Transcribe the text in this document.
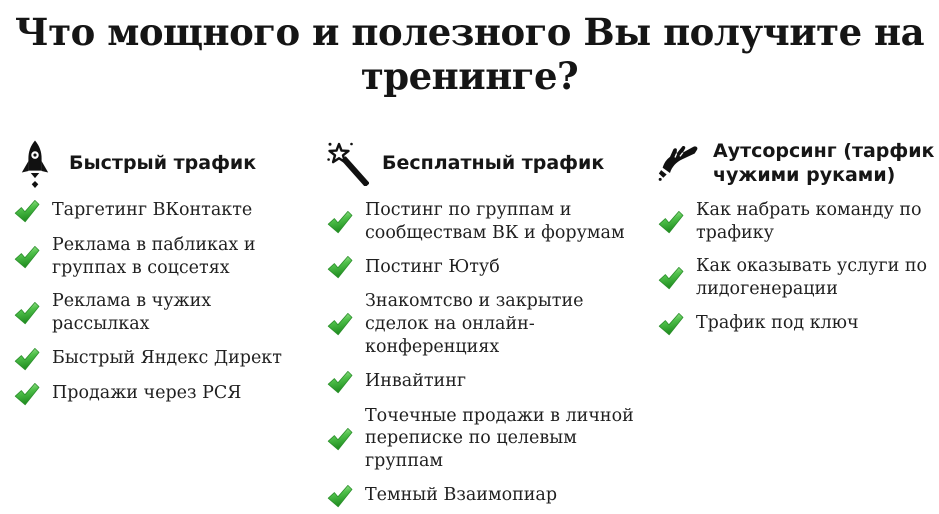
Что мощного и полезного Вы получите на тренинге?
Быстрый трафик
Таргетинг ВКонтакте
Реклама в пабликах и группах в соцсетях
Реклама в чужих рассылках
Быстрый Яндекс Директ
Продажи через РСЯ
Бесплатный трафик
Постинг по группам и сообществам ВК и форумам
Постинг Ютуб
Знакомтсво и закрытие сделок на онлайн-конференциях
Инвайтинг
Точечные продажи в личной переписке по целевым группам
Темный Взаимопиар
Аутсорсинг (тарфик чужими руками)
Как набрать команду по трафику
Как оказывать услуги по лидогенерации
Трафик под ключ
